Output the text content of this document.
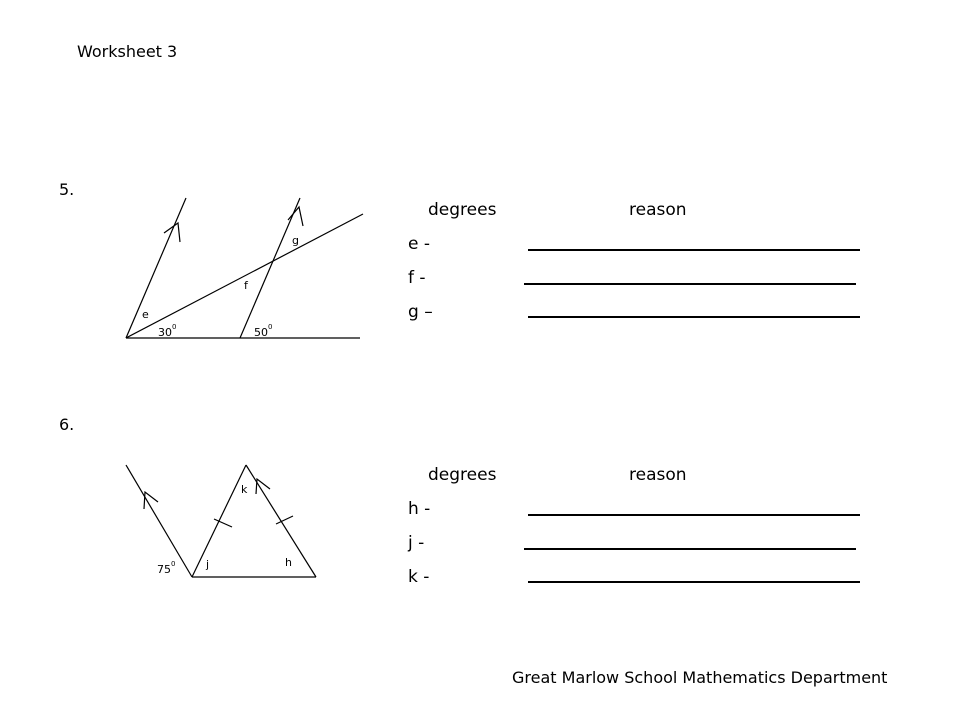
Worksheet 3
5.
e
f
g
30 0	50 0
k
j	h
75 0
degrees	reason
e -
f -
g –
6.
degrees	reason
h -
j -
k -
Great Marlow School Mathematics Department
